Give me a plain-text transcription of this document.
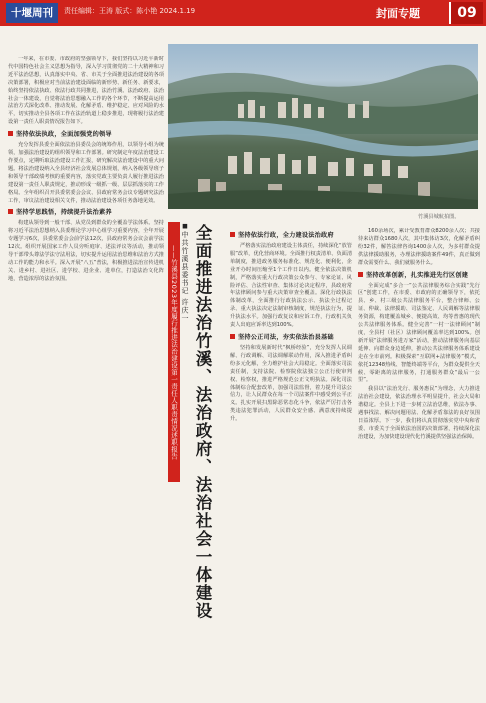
十堰周刊	责任编辑：王涛 版式：陈小艳 2024.1.19	封面专题	09

一年来，在市委、市政府的坚强领导下，我们坚持以习近平新时代中国特色社会主义思想为指导，深入学习贯彻党的二十大精神和习近平法治思想，认真落实中央、省、市关于全面推进法治建设的各项决策部署，积极应对当前法治建设面临的新形势、新任务、新要求，始终坚持依法执政、依法行政共同推进，法治竹溪、法治政府、法治社会一体建设，自觉将法治思想融入工作的各个环节，不断提高运用法治方式深化改革、推动发展、化解矛盾、维护稳定、应对风险的水平，切实推动全县各项工作在法治轨道上稳步推进，现将履行法治建设第一责任人职责情况报告如下。

坚持依法执政，全面加强党的领导

充分发挥县委全面依法治县委员会的统筹作用，以领导小组为统领，加强法治建设的组织领导和工作部署。研究制定年度法治建设工作要点，定期听取法治建设工作汇报，研究解决法治建设中的重大问题。将法治建设纳入全县经济社会发展总体规划，纳入各级领导班子和领导干部政绩考核的重要内容，落实党政主要负责人履行推进法治建设第一责任人职责规定，推动形成一级抓一级、层层抓落实的工作格局。全年组织召开县委常委会会议、县政府常务会议专题研究法治工作，审议法治建设相关文件，推动法治建设各项任务落地见效。

坚持学思践悟，持续提升法治素养

构建从领导到一般干部、从党员到群众的全覆盖学法体系。坚持将习近平法治思想纳入县委理论学习中心组学习重要内容，全年开展专题学习6次，县委常委会会前学法12次，县政府常务会议会前学法12次。组织开展国家工作人员旁听庭审、述法评议等活动，推动领导干部带头尊法学法守法用法，切实提升运用法治思维和法治方式推动工作的能力和水平。深入开展“八五”普法，积极推进法治宣传进机关、进乡村、进社区、进学校、进企业、进单位，打造法治文化阵地，营造浓厚的法治氛围。

竹溪县城航拍图。
——竹溪县2023年度履行推进法治建设第一责任人职责情况述职报告 ◼中共竹溪县委书记 许庆一 全面推进法治竹溪、法治政府、法治社会一体建设	坚持依法行政，全力建设法治政府

严格落实法治政府建设主体责任，持续深化“放管服”改革，优化营商环境。全面推行权责清单、负面清单制度，推进政务服务标准化、规范化、便利化，企业开办时间压缩至1个工作日以内。健全依法决策机制，严格落实重大行政决策公众参与、专家论证、风险评估、合法性审查、集体讨论决定程序，县政府常年法律顾问参与重大决策审查全覆盖。深化行政执法体制改革，全面推行行政执法公示、执法全过程记录、重大执法决定法制审核制度，规范执法行为，提升执法水平。加强行政复议和应诉工作，行政机关负责人出庭应诉率达到100%。

坚持公正司法，夯实依法治县基础

坚持和发展新时代“枫桥经验”，充分发挥人民调解、行政调解、司法调解联动作用，深入推进矛盾纠纷多元化解，全力维护社会大局稳定。全面落实司法责任制，支持法院、检察院依法独立公正行使审判权、检察权，推进严格规范公正文明执法。深化司法体制综合配套改革，加强司法监督，着力提升司法公信力，让人民群众在每一个司法案件中感受到公平正义。扎实开展扫黑除恶常态化斗争，依法严厉打击各类违法犯罪活动，人民群众安全感、满意度持续提升。

160余场次，累计受教育群众8200余人次；共接待来访群众1680人次，其中集体访3次，化解矛盾纠纷32件，解答法律咨询1400余人次，为多村群众提供法律援助服务，办理法律援助案件49件，真正做到群众需要什么、我们就服务什么。

坚持改革创新，扎实推进先行区创建

全面完成“多合一”公共法律服务综合实践“先行区”创建工作，在市委、市政府的正确领导下，依托县、乡、村三级公共法律服务平台，整合律师、公证、仲裁、法律援助、司法鉴定、人民调解等法律服务资源，构建覆盖城乡、便捷高效、均等普惠的现代公共法律服务体系。健全完善“一村一法律顾问”制度，全县村（社区）法律顾问覆盖率达到100%。创新开展“法律服务进万家”活动，推动法律服务向基层延伸、向群众身边延伸，推动公共法律服务体系建设走在全市前列。积极探索“互联网+法律服务”模式，依托12348热线、智能终端等平台，为群众提供全天候、零距离的法律服务，打通服务群众“最后一公里”。

我县以“法治先行、服务惠民”为理念，大力推进法治社会建设，依法治理水平明显提升，社会大局和谐稳定。全县上下进一步树立法治思维，依法办事、遇事找法、解决问题用法、化解矛盾靠法的良好氛围日益浓厚。下一步，我们将认真贯彻落实党中央和省委、市委关于全面依法治国的决策部署，持续深化法治建设，为加快建设现代化竹溪提供坚强法治保障。
